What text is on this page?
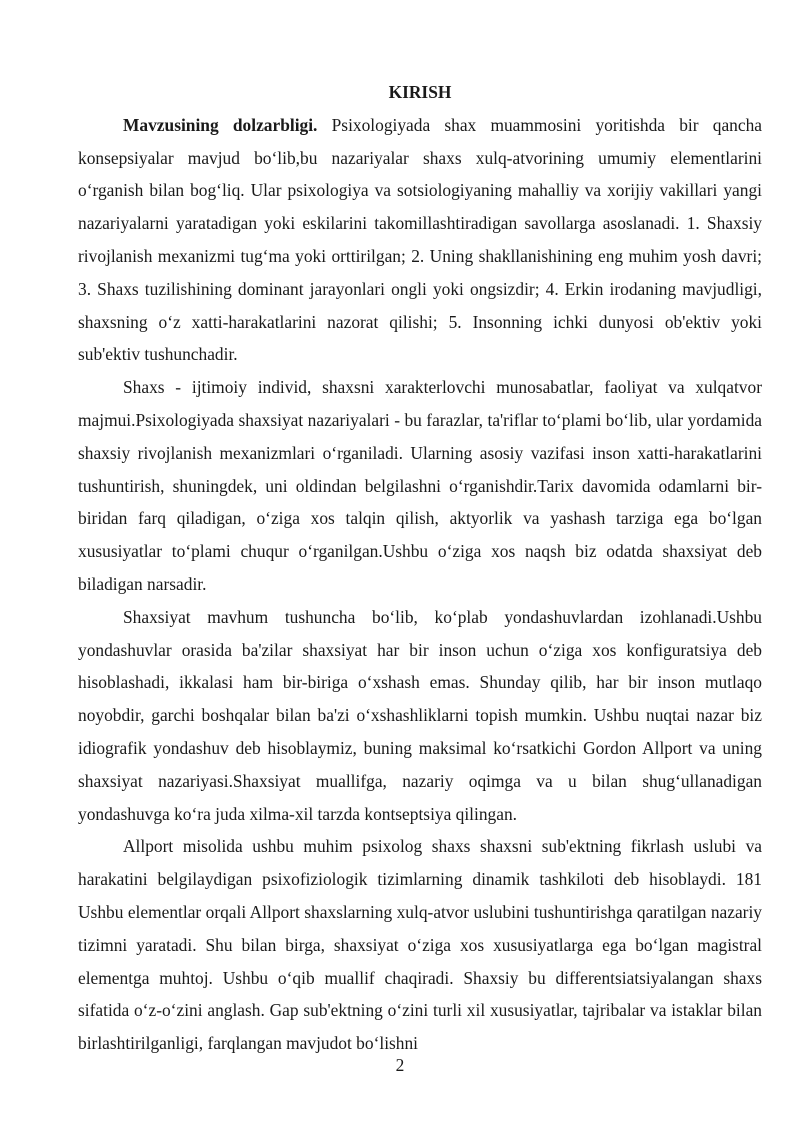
KIRISH

Mavzusining dolzarbligi. Psixologiyada shax muammosini yoritishda bir qancha konsepsiyalar mavjud bo‘lib,bu nazariyalar shaxs xulq-atvorining umumiy elementlarini o‘rganish bilan bog‘liq. Ular psixologiya va sotsiologiyaning mahalliy va xorijiy vakillari yangi nazariyalarni yaratadigan yoki eskilarini takomillashtiradigan savollarga asoslanadi. 1. Shaxsiy rivojlanish mexanizmi tug‘ma yoki orttirilgan; 2. Uning shakllanishining eng muhim yosh davri; 3. Shaxs tuzilishining dominant jarayonlari ongli yoki ongsizdir; 4. Erkin irodaning mavjudligi, shaxsning o‘z xatti-harakatlarini nazorat qilishi; 5. Insonning ichki dunyosi ob'ektiv yoki sub'ektiv tushunchadir.

Shaxs - ijtimoiy individ, shaxsni xarakterlovchi munosabatlar, faoliyat va xulqatvor majmui.Psixologiyada shaxsiyat nazariyalari - bu farazlar, ta'riflar to‘plami bo‘lib, ular yordamida shaxsiy rivojlanish mexanizmlari o‘rganiladi. Ularning asosiy vazifasi inson xatti-harakatlarini tushuntirish, shuningdek, uni oldindan belgilashni o‘rganishdir.Tarix davomida odamlarni bir-biridan farq qiladigan, o‘ziga xos talqin qilish, aktyorlik va yashash tarziga ega bo‘lgan xususiyatlar to‘plami chuqur o‘rganilgan.Ushbu o‘ziga xos naqsh biz odatda shaxsiyat deb biladigan narsadir.

Shaxsiyat mavhum tushuncha bo‘lib, ko‘plab yondashuvlardan izohlanadi.Ushbu yondashuvlar orasida ba'zilar shaxsiyat har bir inson uchun o‘ziga xos konfiguratsiya deb hisoblashadi, ikkalasi ham bir-biriga o‘xshash emas. Shunday qilib, har bir inson mutlaqo noyobdir, garchi boshqalar bilan ba'zi o‘xshashliklarni topish mumkin. Ushbu nuqtai nazar biz idiografik yondashuv deb hisoblaymiz, buning maksimal ko‘rsatkichi Gordon Allport va uning shaxsiyat nazariyasi.Shaxsiyat muallifga, nazariy oqimga va u bilan shug‘ullanadigan yondashuvga ko‘ra juda xilma-xil tarzda kontseptsiya qilingan.

Allport misolida ushbu muhim psixolog shaxs shaxsni sub'ektning fikrlash uslubi va harakatini belgilaydigan psixofiziologik tizimlarning dinamik tashkiloti deb hisoblaydi. 181 Ushbu elementlar orqali Allport shaxslarning xulq-atvor uslubini tushuntirishga qaratilgan nazariy tizimni yaratadi. Shu bilan birga, shaxsiyat o‘ziga xos xususiyatlarga ega bo‘lgan magistral elementga muhtoj. Ushbu o‘qib muallif chaqiradi. Shaxsiy bu differentsiatsiyalangan shaxs sifatida o‘z-o‘zini anglash. Gap sub'ektning o‘zini turli xil xususiyatlar, tajribalar va istaklar bilan birlashtirilganligi, farqlangan mavjudot bo‘lishni

2
